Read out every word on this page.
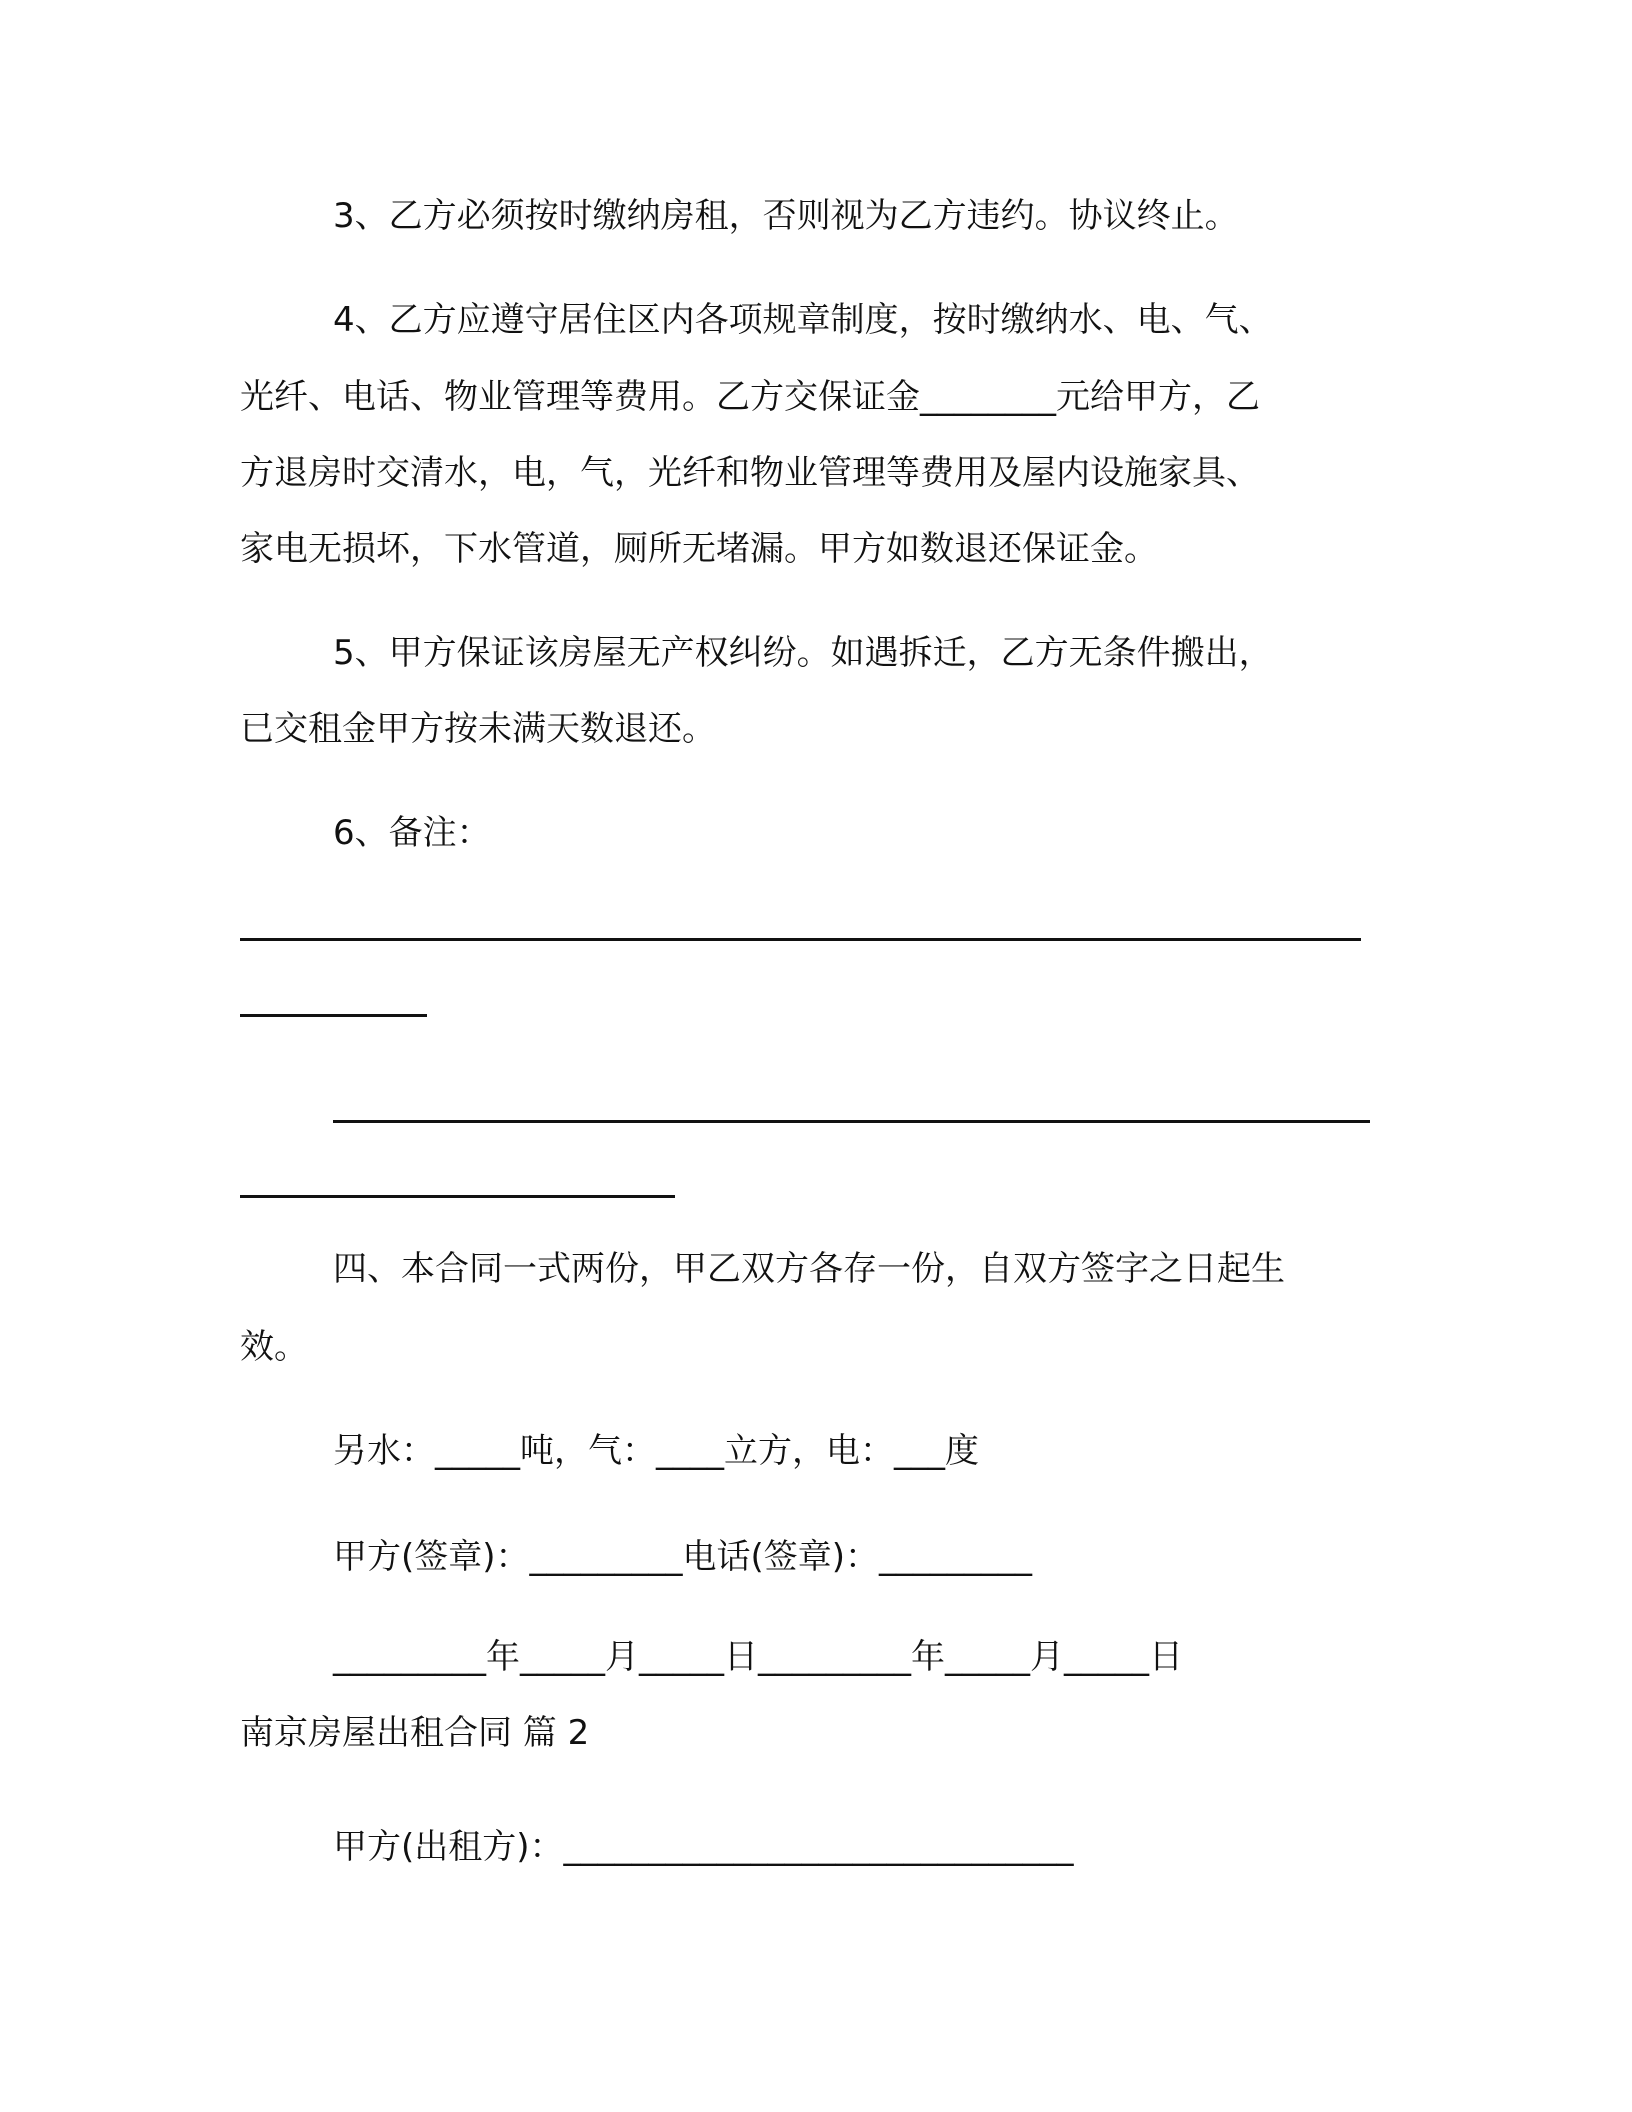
3、乙方必须按时缴纳房租，否则视为乙方违约。协议终止。
4、乙方应遵守居住区内各项规章制度，按时缴纳水、电、气、
光纤、电话、物业管理等费用。乙方交保证金________元给甲方，乙
方退房时交清水，电，气，光纤和物业管理等费用及屋内设施家具、
家电无损坏，下水管道，厕所无堵漏。甲方如数退还保证金。
5、甲方保证该房屋无产权纠纷。如遇拆迁，乙方无条件搬出，
已交租金甲方按未满天数退还。
6、备注：
四、本合同一式两份，甲乙双方各存一份，自双方签字之日起生
效。
另水：_____吨，气：____立方，电：___度
甲方(签章)：_________电话(签章)：_________
_________年_____月_____日_________年_____月_____日
南京房屋出租合同 篇 2
甲方(出租方)：______________________________
